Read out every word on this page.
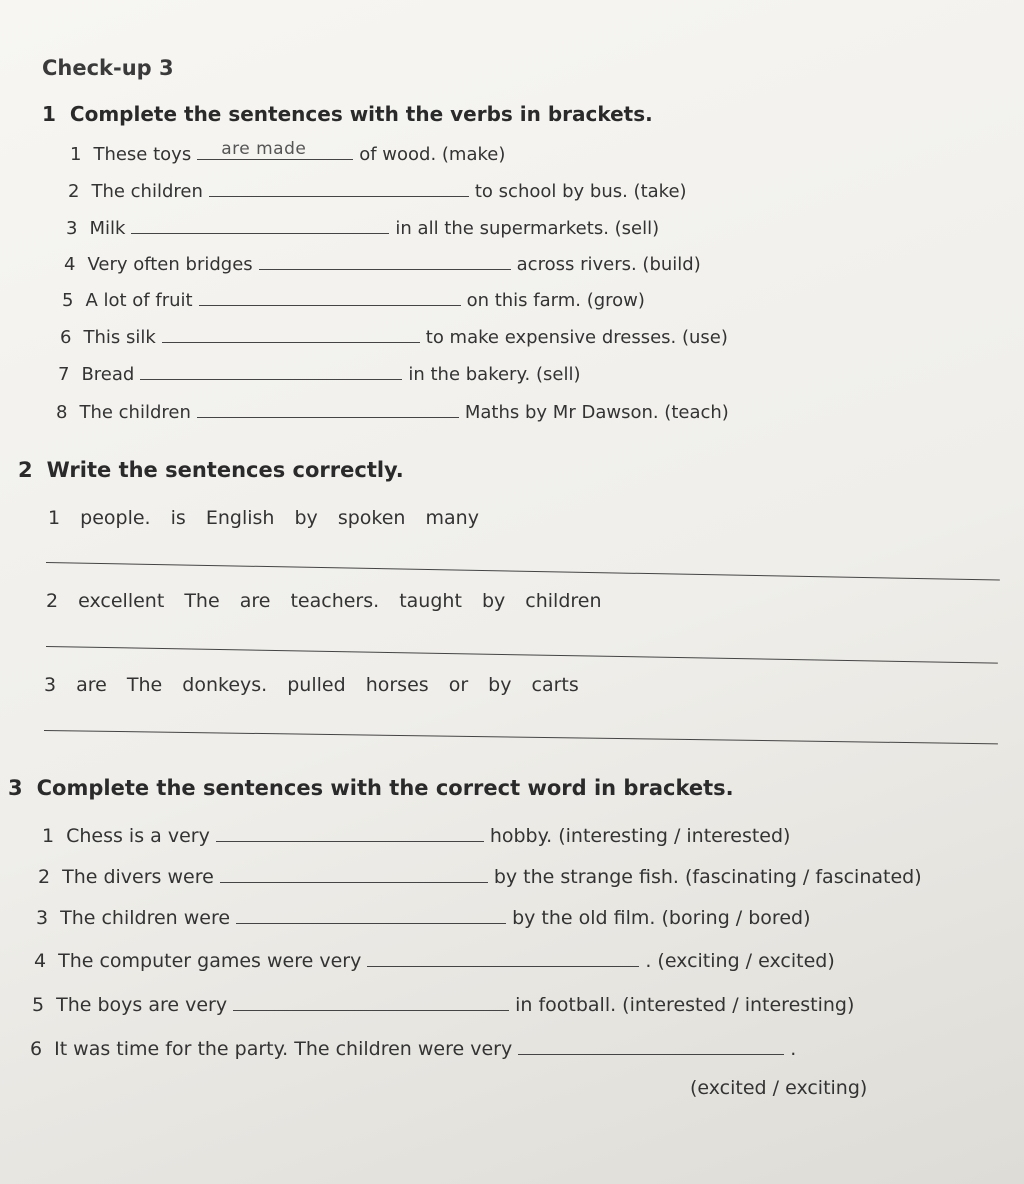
Check-up 3
1 Complete the sentences with the verbs in brackets.
1 These toys are made	of wood. (make)
2 The children	to school by bus. (take)
3 Milk	in all the supermarkets. (sell)
4 Very often bridges	across rivers. (build)
5 A lot of fruit	on this farm. (grow)
6 This silk	to make expensive dresses. (use)
7 Bread	in the bakery. (sell)
8 The children	Maths by Mr Dawson. (teach)
2 Write the sentences correctly.
1 people. is English by spoken many
2 excellent The are teachers. taught by children
3 are The donkeys. pulled horses or by carts
3 Complete the sentences with the correct word in brackets.
1 Chess is a very	hobby. (interesting / interested)
2 The divers were	by the strange fish. (fascinating / fascinated)
3 The children were	by the old film. (boring / bored)
4 The computer games were very	. (exciting / excited)
5 The boys are very	in football. (interested / interesting)
6 It was time for the party. The children were very	.
(excited / exciting)
